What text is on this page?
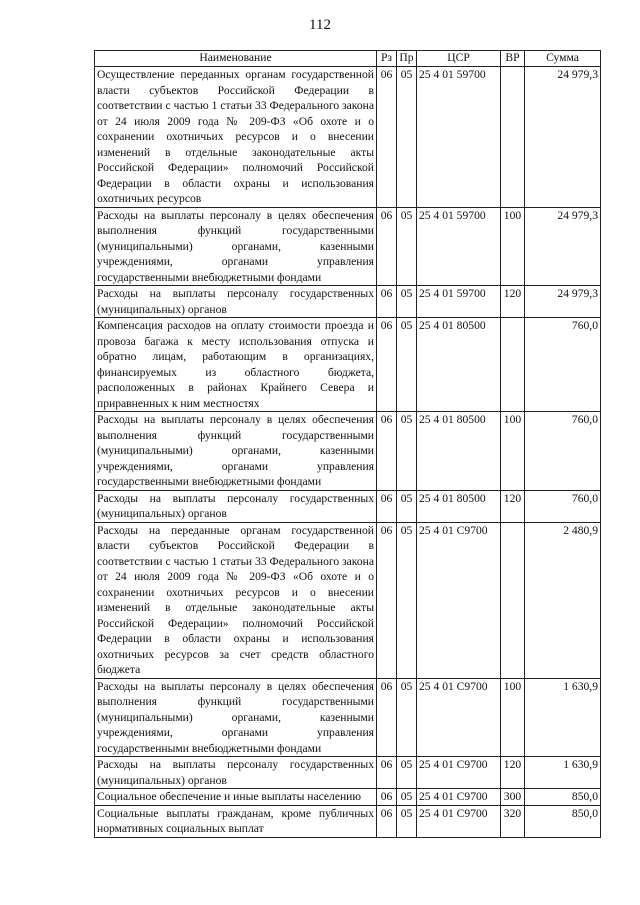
112
Наименование	Рз	Пр	ЦСР	ВР	Сумма
Осуществление переданных органам государственной власти субъектов Российской Федерации в соответствии с частью 1 статьи 33 Федерального закона от 24 июля 2009 года № 209-ФЗ «Об охоте и о сохранении охотничьих ресурсов и о внесении изменений в отдельные законодательные акты Российской Федерации» полномочий Российской Федерации в области охраны и использования охотничьих ресурсов	06	05	25 4 01 59700		24 979,3
Расходы на выплаты персоналу в целях обеспечения выполнения функций государственными (муниципальными) органами, казенными учреждениями, органами управления государственными внебюджетными фондами	06	05	25 4 01 59700	100	24 979,3
Расходы на выплаты персоналу государственных (муниципальных) органов	06	05	25 4 01 59700	120	24 979,3
Компенсация расходов на оплату стоимости проезда и провоза багажа к месту использования отпуска и обратно лицам, работающим в организациях, финансируемых из областного бюджета, расположенных в районах Крайнего Севера и приравненных к ним местностях	06	05	25 4 01 80500		760,0
Расходы на выплаты персоналу в целях обеспечения выполнения функций государственными (муниципальными) органами, казенными учреждениями, органами управления государственными внебюджетными фондами	06	05	25 4 01 80500	100	760,0
Расходы на выплаты персоналу государственных (муниципальных) органов	06	05	25 4 01 80500	120	760,0
Расходы на переданные органам государственной власти субъектов Российской Федерации в соответствии с частью 1 статьи 33 Федерального закона от 24 июля 2009 года № 209-ФЗ «Об охоте и о сохранении охотничьих ресурсов и о внесении изменений в отдельные законодательные акты Российской Федерации» полномочий Российской Федерации в области охраны и использования охотничьих ресурсов за счет средств областного бюджета	06	05	25 4 01 С9700		2 480,9
Расходы на выплаты персоналу в целях обеспечения выполнения функций государственными (муниципальными) органами, казенными учреждениями, органами управления государственными внебюджетными фондами	06	05	25 4 01 С9700	100	1 630,9
Расходы на выплаты персоналу государственных (муниципальных) органов	06	05	25 4 01 С9700	120	1 630,9
Социальное обеспечение и иные выплаты населению	06	05	25 4 01 С9700	300	850,0
Социальные выплаты гражданам, кроме публичных нормативных социальных выплат	06	05	25 4 01 С9700	320	850,0
